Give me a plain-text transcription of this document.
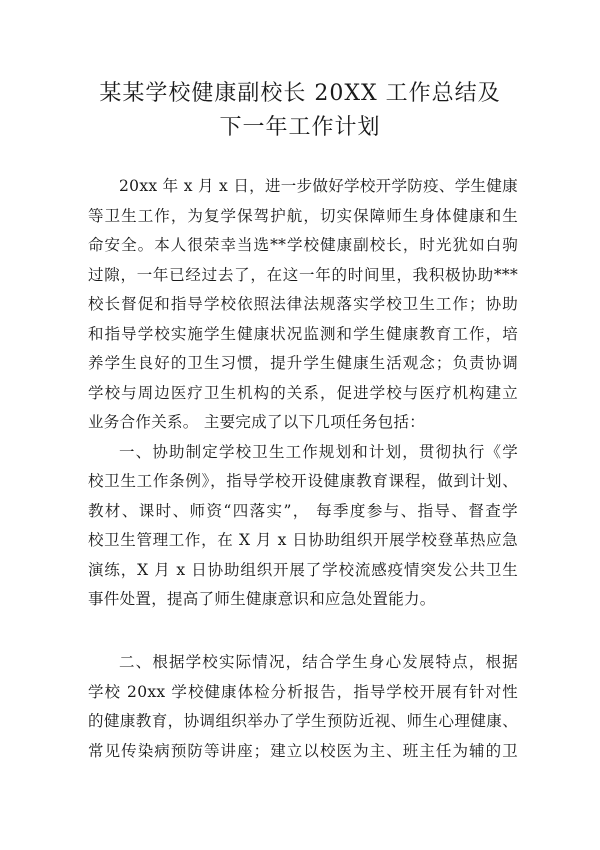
某某学校健康副校长 20XX 工作总结及
下一年工作计划
20xx 年 x 月 x 日，进一步做好学校开学防疫、学生健康
等卫生工作，为复学保驾护航，切实保障师生身体健康和生
命安全。本人很荣幸当选**学校健康副校长，时光犹如白驹
过隙，一年已经过去了，在这一年的时间里，我积极协助***
校长督促和指导学校依照法律法规落实学校卫生工作；协助
和指导学校实施学生健康状况监测和学生健康教育工作，培
养学生良好的卫生习惯，提升学生健康生活观念；负责协调
学校与周边医疗卫生机构的关系，促进学校与医疗机构建立
业务合作关系。 主要完成了以下几项任务包括：
一、协助制定学校卫生工作规划和计划，贯彻执行《学
校卫生工作条例》，指导学校开设健康教育课程，做到计划、
教材、课时、师资“四落实”， 每季度参与、指导、督查学
校卫生管理工作，在 X 月 x 日协助组织开展学校登革热应急
演练，X 月 x 日协助组织开展了学校流感疫情突发公共卫生
事件处置，提高了师生健康意识和应急处置能力。
二、根据学校实际情况，结合学生身心发展特点，根据
学校 20xx 学校健康体检分析报告，指导学校开展有针对性
的健康教育，协调组织举办了学生预防近视、师生心理健康、
常见传染病预防等讲座；建立以校医为主、班主任为辅的卫
